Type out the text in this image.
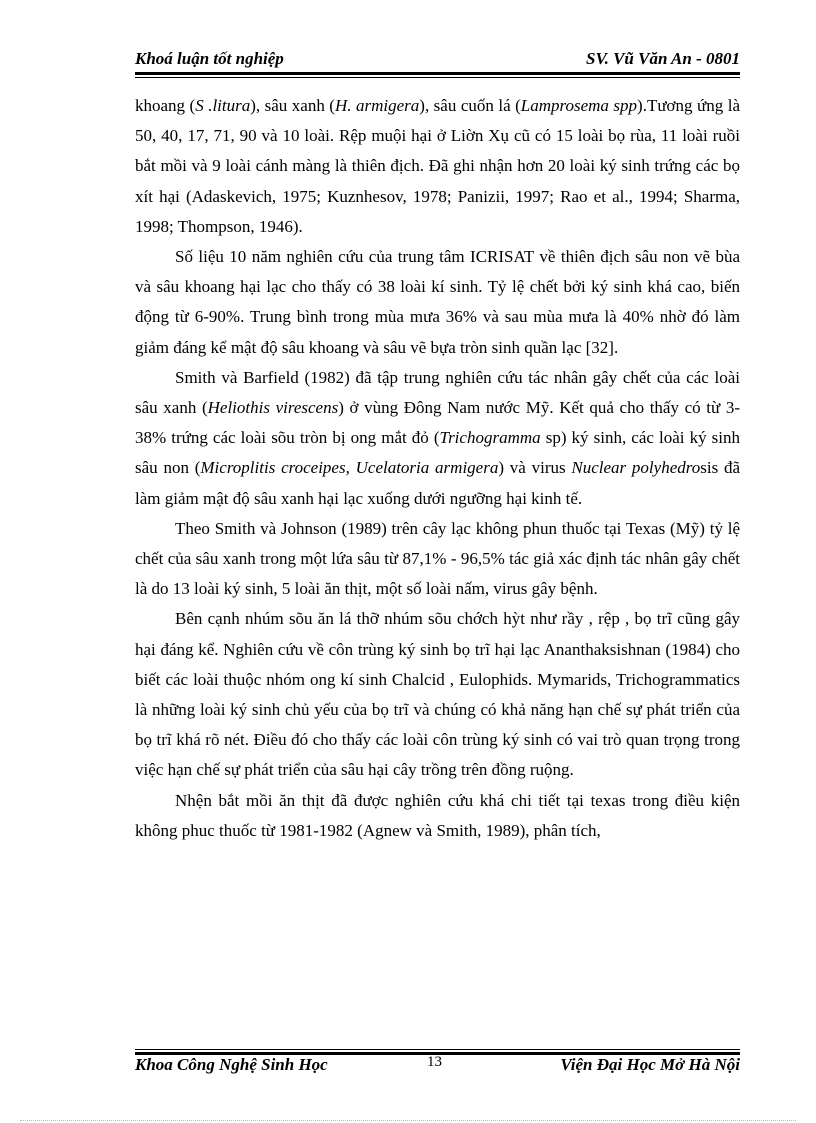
Khoá luận tốt nghiệp	SV. Vũ Văn An - 0801

khoang (S .litura), sâu xanh (H. armigera), sâu cuốn lá (Lamprosema spp).Tương ứng là 50, 40, 17, 71, 90 và 10 loài. Rệp muội hại ở Liờn Xụ cũ có 15 loài bọ rùa, 11 loài ruồi bắt mồi và 9 loài cánh màng là thiên địch. Đã ghi nhận hơn 20 loài ký sinh trứng các bọ xít hại (Adaskevich, 1975; Kuznhesov, 1978; Panizii, 1997; Rao et al., 1994; Sharma, 1998; Thompson, 1946).

Số liệu 10 năm nghiên cứu của trung tâm ICRISAT về thiên địch sâu non vẽ bùa và sâu khoang hại lạc cho thấy có 38 loài kí sinh. Tỷ lệ chết bởi ký sinh khá cao, biến động từ 6-90%. Trung bình trong mùa mưa 36% và sau mùa mưa là 40% nhờ đó làm giảm đáng kể mật độ sâu khoang và sâu vẽ bựa tròn sinh quần lạc [32].

Smith và Barfield (1982) đã tập trung nghiên cứu tác nhân gây chết của các loài sâu xanh (Heliothis virescens) ở vùng Đông Nam nước Mỹ. Kết quả cho thấy có từ 3-38% trứng các loài sõu tròn bị ong mắt đỏ (Trichogramma sp) ký sinh, các loài ký sinh sâu non (Microplitis croceipes, Ucelatoria armigera) và virus Nuclear polyhedrosis đã làm giảm mật độ sâu xanh hại lạc xuống dưới ngưỡng hại kinh tế.

Theo Smith và Johnson (1989) trên cây lạc không phun thuốc tại Texas (Mỹ) tỷ lệ chết của sâu xanh trong một lứa sâu từ 87,1% - 96,5% tác giả xác định tác nhân gây chết là do 13 loài ký sinh, 5 loài ăn thịt, một số loài nấm, virus gây bệnh.

Bên cạnh nhúm sõu ăn lá thỡ nhúm sõu chớch hỳt như rầy , rệp , bọ trĩ cũng gây hại đáng kể. Nghiên cứu về côn trùng ký sinh bọ trĩ hại lạc Ananthaksishnan (1984) cho biết các loài thuộc nhóm ong kí sinh Chalcid , Eulophids. Mymarids, Trichogrammatics là những loài ký sinh chủ yếu của bọ trĩ và chúng có khả năng hạn chế sự phát triển của bọ trĩ khá rõ nét. Điều đó cho thấy các loài côn trùng ký sinh có vai trò quan trọng trong việc hạn chế sự phát triển của sâu hại cây trồng trên đồng ruộng.

Nhện bắt mồi ăn thịt đã được nghiên cứu khá chi tiết tại texas trong điều kiện không phuc thuốc từ 1981-1982 (Agnew và Smith, 1989), phân tích,

Khoa Công Nghệ Sinh Học	13	Viện Đại Học Mở Hà Nội
